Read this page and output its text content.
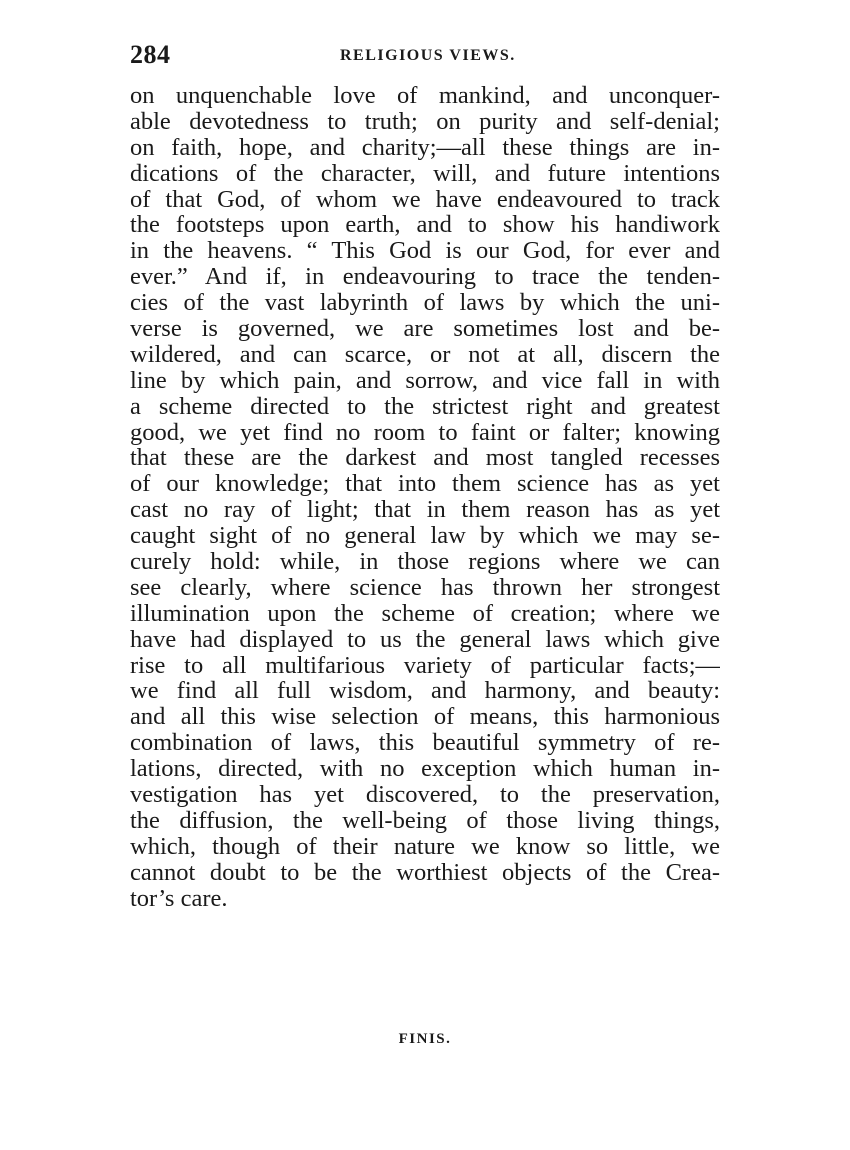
284	RELIGIOUS VIEWS.
on unquenchable love of mankind, and unconquer-
able devotedness to truth; on purity and self-denial;
on faith, hope, and charity;—all these things are in-
dications of the character, will, and future intentions
of that God, of whom we have endeavoured to track
the footsteps upon earth, and to show his handiwork
in the heavens. “ This God is our God, for ever and
ever.” And if, in endeavouring to trace the tenden-
cies of the vast labyrinth of laws by which the uni-
verse is governed, we are sometimes lost and be-
wildered, and can scarce, or not at all, discern the
line by which pain, and sorrow, and vice fall in with
a scheme directed to the strictest right and greatest
good, we yet find no room to faint or falter; knowing
that these are the darkest and most tangled recesses
of our knowledge; that into them science has as yet
cast no ray of light; that in them reason has as yet
caught sight of no general law by which we may se-
curely hold: while, in those regions where we can
see clearly, where science has thrown her strongest
illumination upon the scheme of creation; where we
have had displayed to us the general laws which give
rise to all multifarious variety of particular facts;—
we find all full wisdom, and harmony, and beauty:
and all this wise selection of means, this harmonious
combination of laws, this beautiful symmetry of re-
lations, directed, with no exception which human in-
vestigation has yet discovered, to the preservation,
the diffusion, the well-being of those living things,
which, though of their nature we know so little, we
cannot doubt to be the worthiest objects of the Crea-
tor’s care.
FINIS.
